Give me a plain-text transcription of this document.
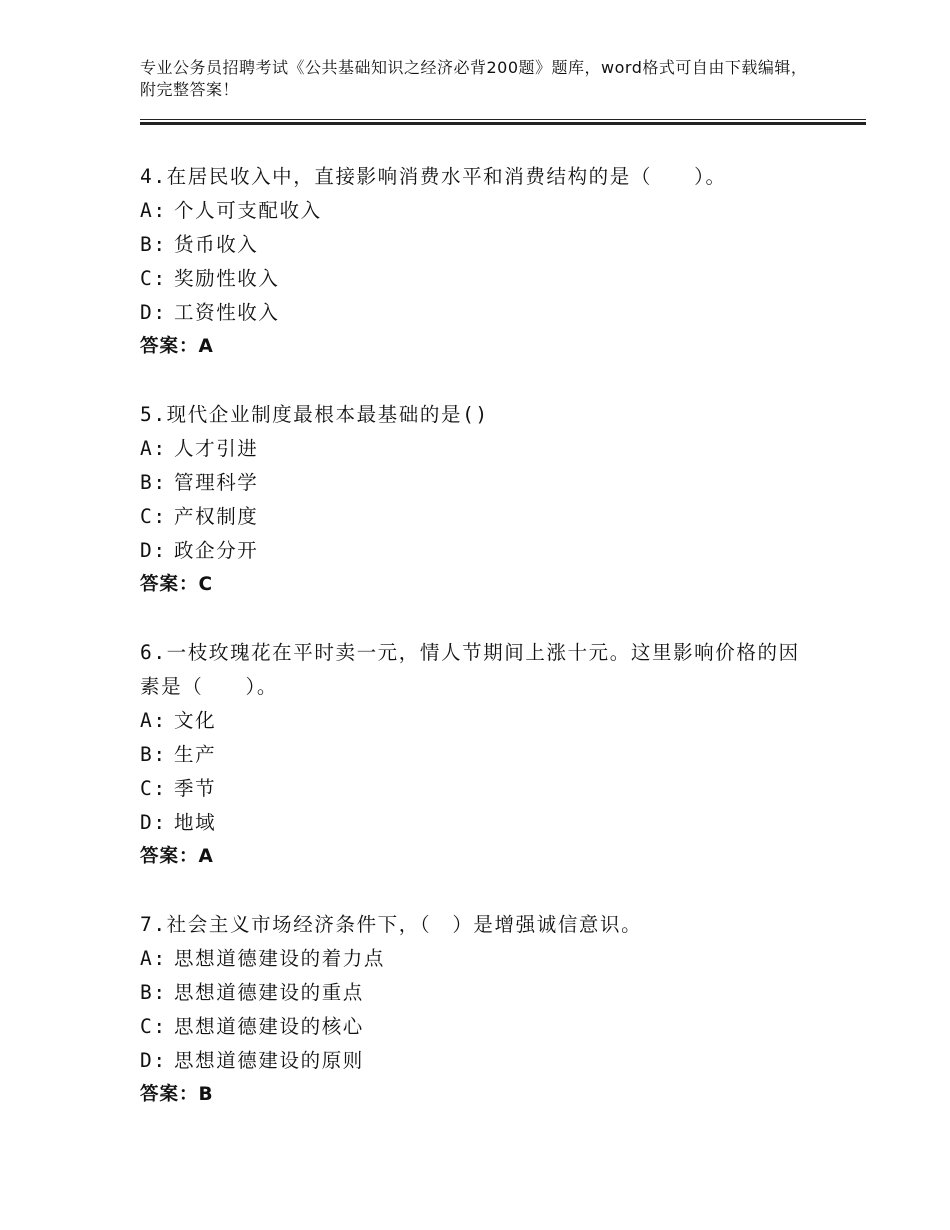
专业公务员招聘考试《公共基础知识之经济必背200题》题库，word格式可自由下载编辑，附完整答案！
4.在居民收入中，直接影响消费水平和消费结构的是（　　）。
A: 个人可支配收入
B: 货币收入
C: 奖励性收入
D: 工资性收入
答案：A
5.现代企业制度最根本最基础的是()
A: 人才引进
B: 管理科学
C: 产权制度
D: 政企分开
答案：C
6.一枝玫瑰花在平时卖一元，情人节期间上涨十元。这里影响价格的因素是（　　）。
A: 文化
B: 生产
C: 季节
D: 地域
答案：A
7.社会主义市场经济条件下，（　）是增强诚信意识。
A: 思想道德建设的着力点
B: 思想道德建设的重点
C: 思想道德建设的核心
D: 思想道德建设的原则
答案：B
